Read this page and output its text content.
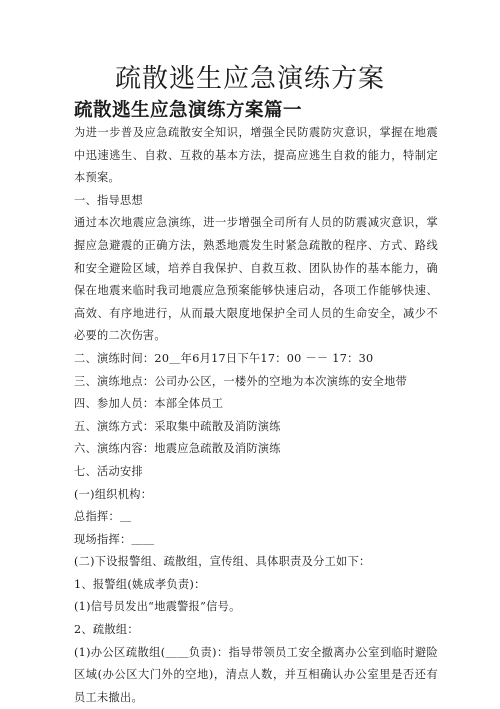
疏散逃生应急演练方案
疏散逃生应急演练方案篇一

为进一步普及应急疏散安全知识，增强全民防震防灾意识，掌握在地震中迅速逃生、自救、互救的基本方法，提高应逃生自救的能力，特制定本预案。

一、指导思想

通过本次地震应急演练，进一步增强全司所有人员的防震减灾意识，掌握应急避震的正确方法，熟悉地震发生时紧急疏散的程序、方式、路线和安全避险区域，培养自我保护、自救互救、团队协作的基本能力，确保在地震来临时我司地震应急预案能够快速启动，各项工作能够快速、高效、有序地进行，从而最大限度地保护全司人员的生命安全，减少不必要的二次伤害。

二、演练时间：20＿年6月17日下午17：00 －－ 17：30

三、演练地点：公司办公区，一楼外的空地为本次演练的安全地带

四、参加人员：本部全体员工

五、演练方式：采取集中疏散及消防演练

六、演练内容：地震应急疏散及消防演练

七、活动安排

(一)组织机构：

总指挥：＿

现场指挥：＿＿

(二)下设报警组、疏散组，宣传组、具体职责及分工如下：

1、报警组(姚成孝负责)：

(1)信号员发出“地震警报”信号。

2、疏散组：

(1)办公区疏散组(＿＿负责)：指导带领员工安全撤离办公室到临时避险区域(办公区大门外的空地)，清点人数，并互相确认办公室里是否还有员工未撤出。
